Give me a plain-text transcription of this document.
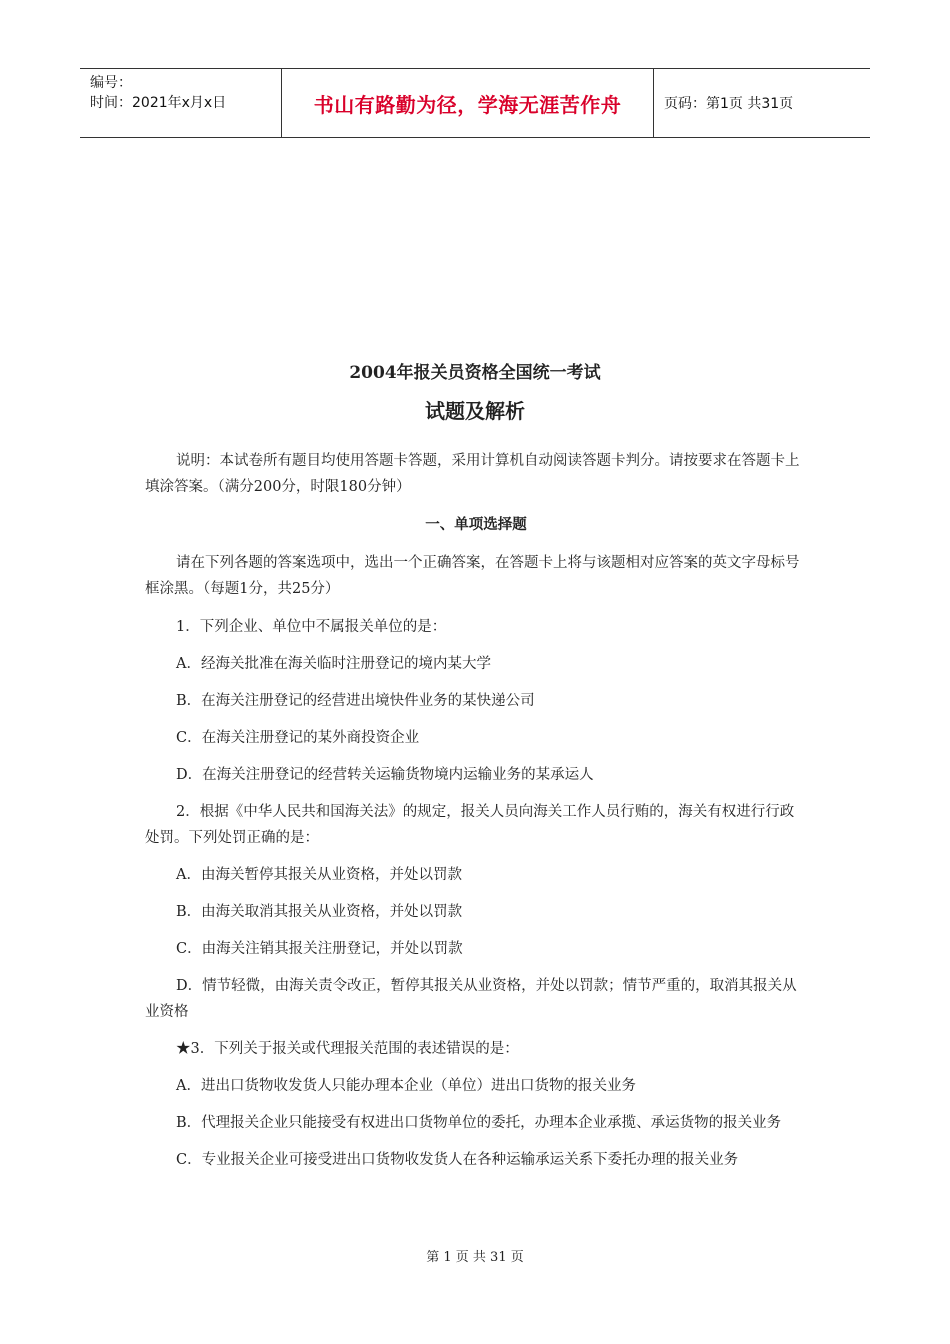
编号：
时间：2021年x月x日	书山有路勤为径，学海无涯苦作舟	页码：第1页 共31页
2004年报关员资格全国统一考试
试题及解析

说明：本试卷所有题目均使用答题卡答题，采用计算机自动阅读答题卡判分。请按要求在答题卡上填涂答案。（满分200分，时限180分钟）

一、单项选择题

请在下列各题的答案选项中，选出一个正确答案，在答题卡上将与该题相对应答案的英文字母标号框涂黑。（每题1分，共25分）

1．下列企业、单位中不属报关单位的是：

A．经海关批准在海关临时注册登记的境内某大学

B．在海关注册登记的经营进出境快件业务的某快递公司

C．在海关注册登记的某外商投资企业

D．在海关注册登记的经营转关运输货物境内运输业务的某承运人

2．根据《中华人民共和国海关法》的规定，报关人员向海关工作人员行贿的，海关有权进行行政处罚。下列处罚正确的是：

A．由海关暂停其报关从业资格，并处以罚款

B．由海关取消其报关从业资格，并处以罚款

C．由海关注销其报关注册登记，并处以罚款

D．情节轻微，由海关责令改正，暂停其报关从业资格，并处以罚款；情节严重的，取消其报关从业资格

★3．下列关于报关或代理报关范围的表述错误的是：

A．进出口货物收发货人只能办理本企业（单位）进出口货物的报关业务

B．代理报关企业只能接受有权进出口货物单位的委托，办理本企业承揽、承运货物的报关业务

C．专业报关企业可接受进出口货物收发货人在各种运输承运关系下委托办理的报关业务

第 1 页 共 31 页
